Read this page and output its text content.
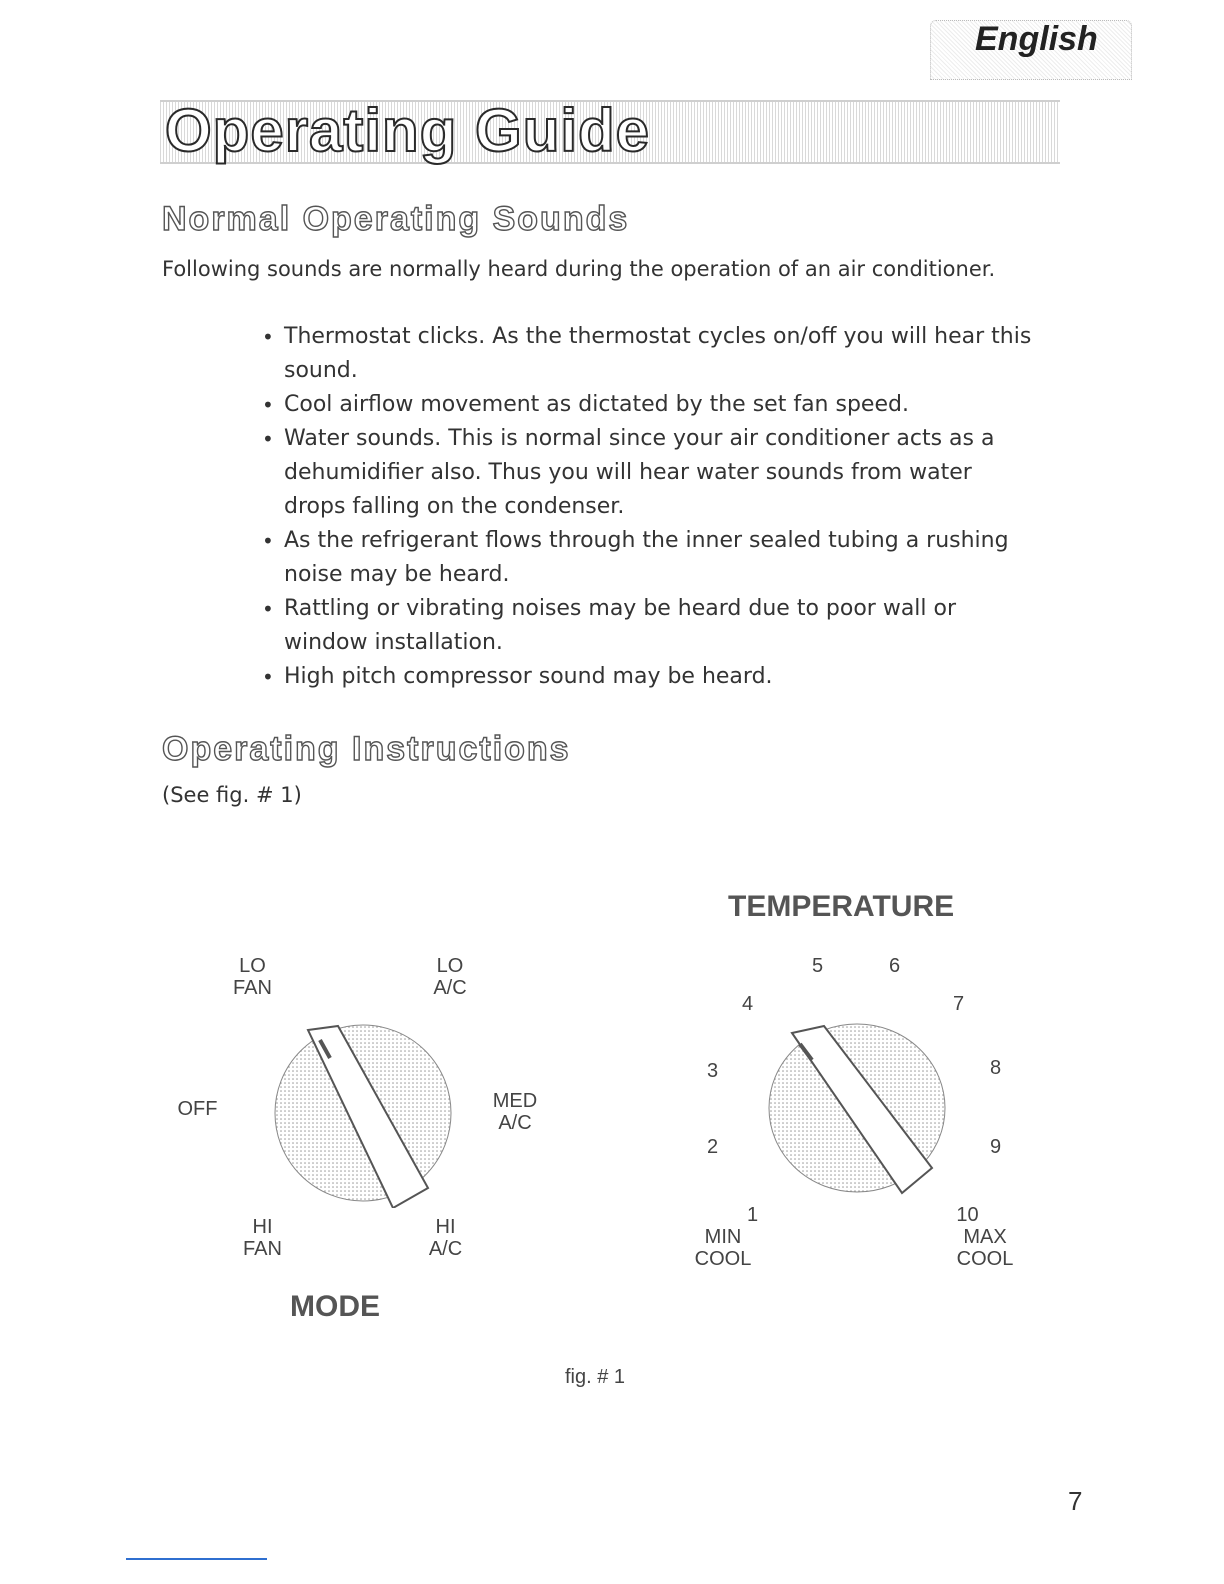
English
Operating Guide
Normal Operating Sounds
Following sounds are normally heard during the operation of an air conditioner.
• Thermostat clicks. As the thermostat cycles on/off you will hear this sound.
• Cool airflow movement as dictated by the set fan speed.
• Water sounds. This is normal since your air conditioner acts as a dehumidifier also. Thus you will hear water sounds from water drops falling on the condenser.
• As the refrigerant flows through the inner sealed tubing a rushing noise may be heard.
• Rattling or vibrating noises may be heard due to poor wall or window installation.
• High pitch compressor sound may be heard.
Operating Instructions
(See fig. # 1)
LO
FAN
LO
A/C
OFF	MED
A/C
HI
FAN
HI
A/C
MODE
TEMPERATURE
5	6
4	7
3	8
2	9
1	10
MIN
COOL
MAX
COOL
fig. # 1
7
